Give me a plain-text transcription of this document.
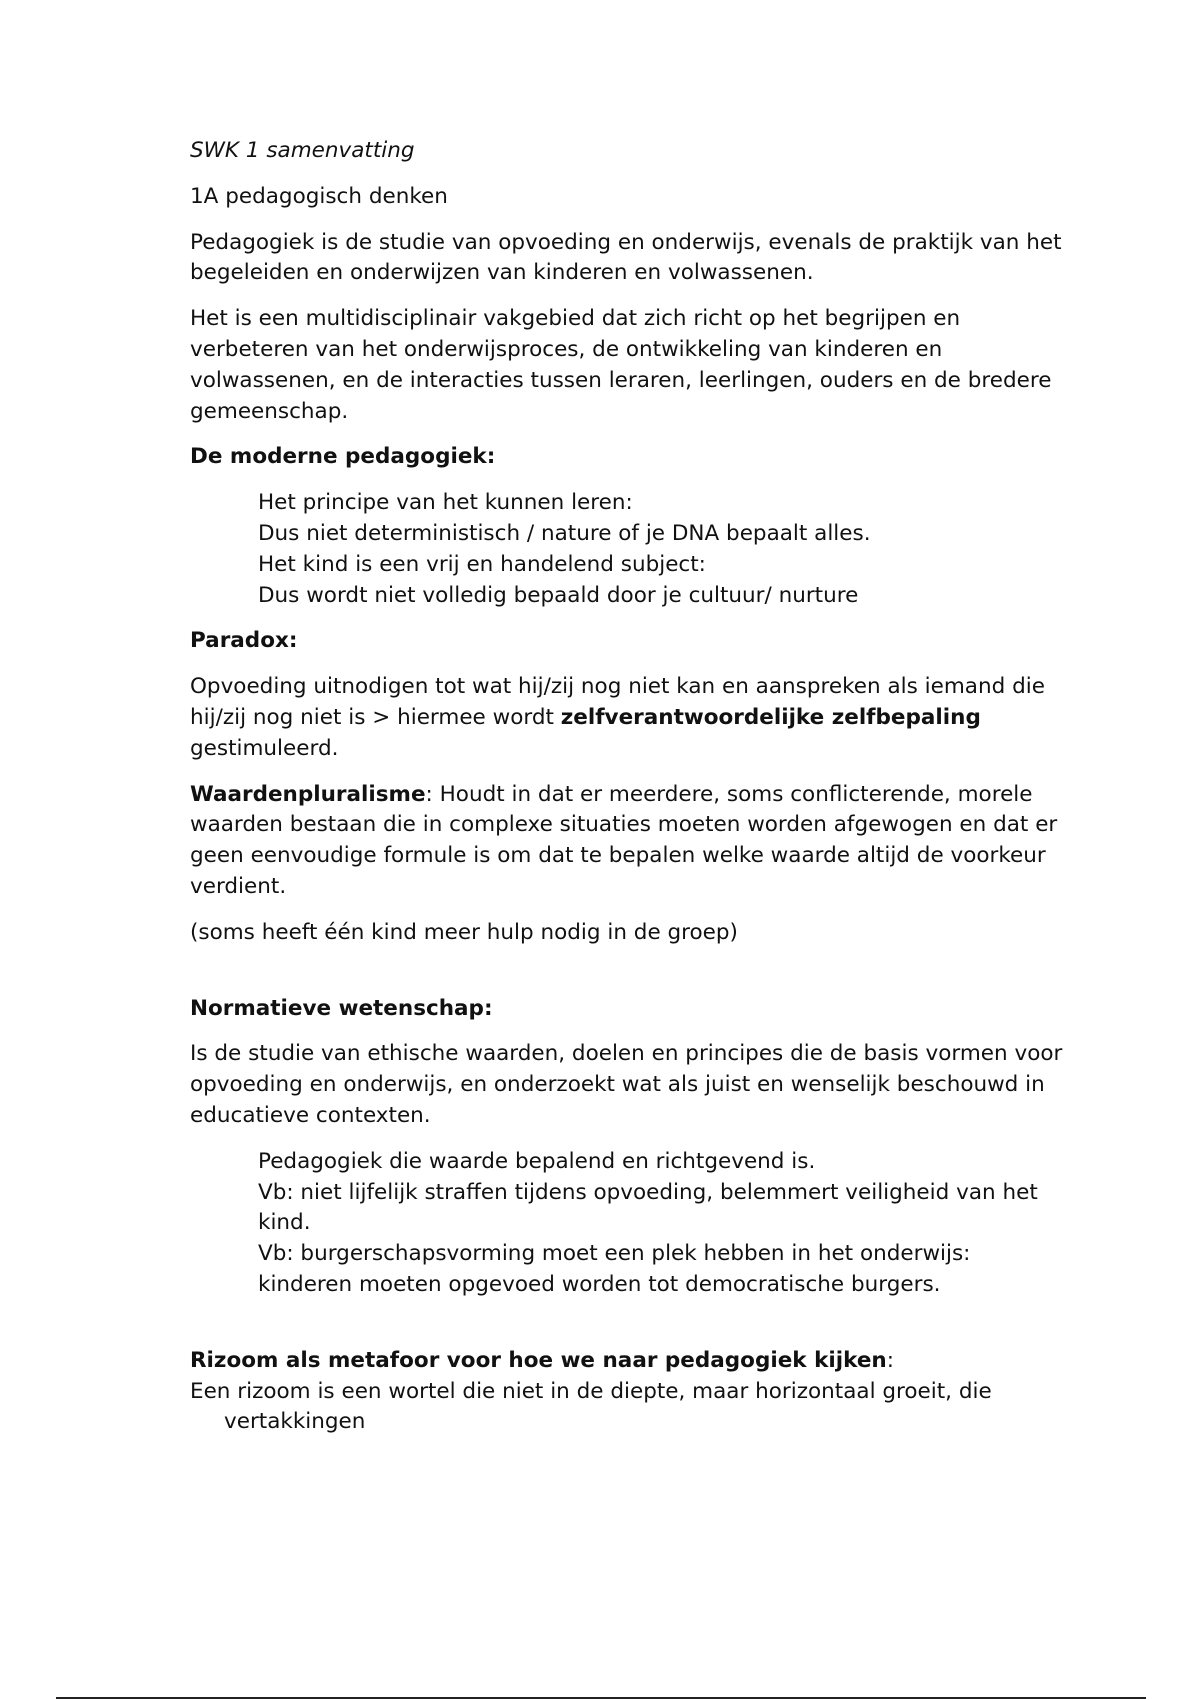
SWK 1 samenvatting

1A pedagogisch denken

Pedagogiek is de studie van opvoeding en onderwijs, evenals de praktijk van het begeleiden en onderwijzen van kinderen en volwassenen.

Het is een multidisciplinair vakgebied dat zich richt op het begrijpen en verbeteren van het onderwijsproces, de ontwikkeling van kinderen en volwassenen, en de interacties tussen leraren, leerlingen, ouders en de bredere gemeenschap.

De moderne pedagogiek:

Het principe van het kunnen leren:
Dus niet deterministisch / nature of je DNA bepaalt alles.
Het kind is een vrij en handelend subject:
Dus wordt niet volledig bepaald door je cultuur/ nurture

Paradox:

Opvoeding uitnodigen tot wat hij/zij nog niet kan en aanspreken als iemand die hij/zij nog niet is > hiermee wordt zelfverantwoordelijke zelfbepaling gestimuleerd.

Waardenpluralisme: Houdt in dat er meerdere, soms conflicterende, morele waarden bestaan die in complexe situaties moeten worden afgewogen en dat er geen eenvoudige formule is om dat te bepalen welke waarde altijd de voorkeur verdient.

(soms heeft één kind meer hulp nodig in de groep)

Normatieve wetenschap:

Is de studie van ethische waarden, doelen en principes die de basis vormen voor opvoeding en onderwijs, en onderzoekt wat als juist en wenselijk beschouwd in educatieve contexten.

Pedagogiek die waarde bepalend en richtgevend is.
Vb: niet lijfelijk straffen tijdens opvoeding, belemmert veiligheid van het kind.
Vb: burgerschapsvorming moet een plek hebben in het onderwijs: kinderen moeten opgevoed worden tot democratische burgers.

Rizoom als metafoor voor hoe we naar pedagogiek kijken:

Een rizoom is een wortel die niet in de diepte, maar horizontaal groeit, die vertakkingen
